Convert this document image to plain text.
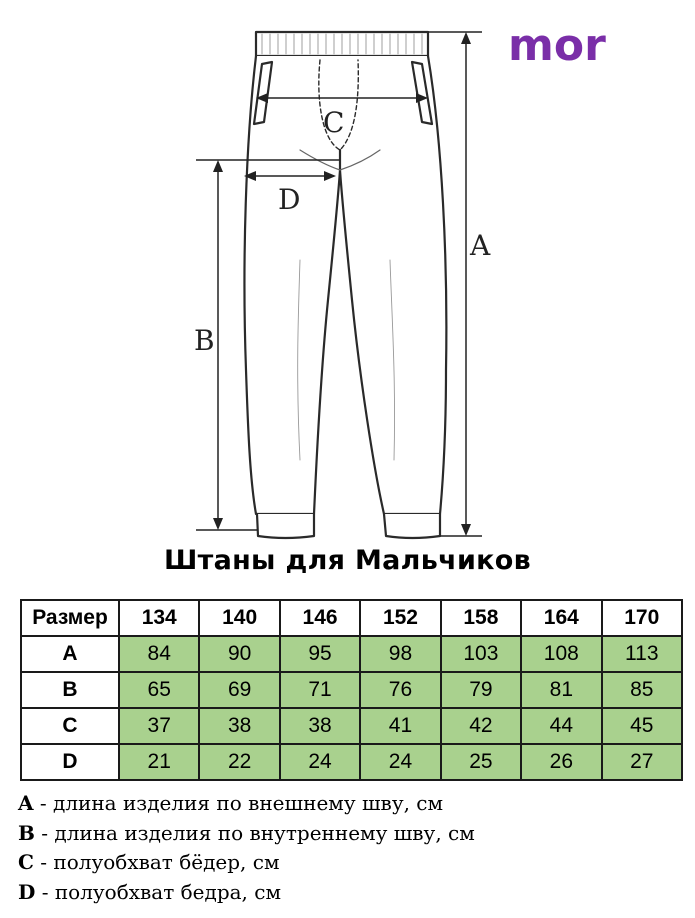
A
B
C
D
mor
Штаны для Мальчиков
Размер	134	140	146	152	158	164	170
A	84	90	95	98	103	108	113
B	65	69	71	76	79	81	85
C	37	38	38	41	42	44	45
D	21	22	24	24	25	26	27
A - длина изделия по внешнему шву, см
B - длина изделия по внутреннему шву, см
C - полуобхват бёдер, см
D - полуобхват бедра, см
